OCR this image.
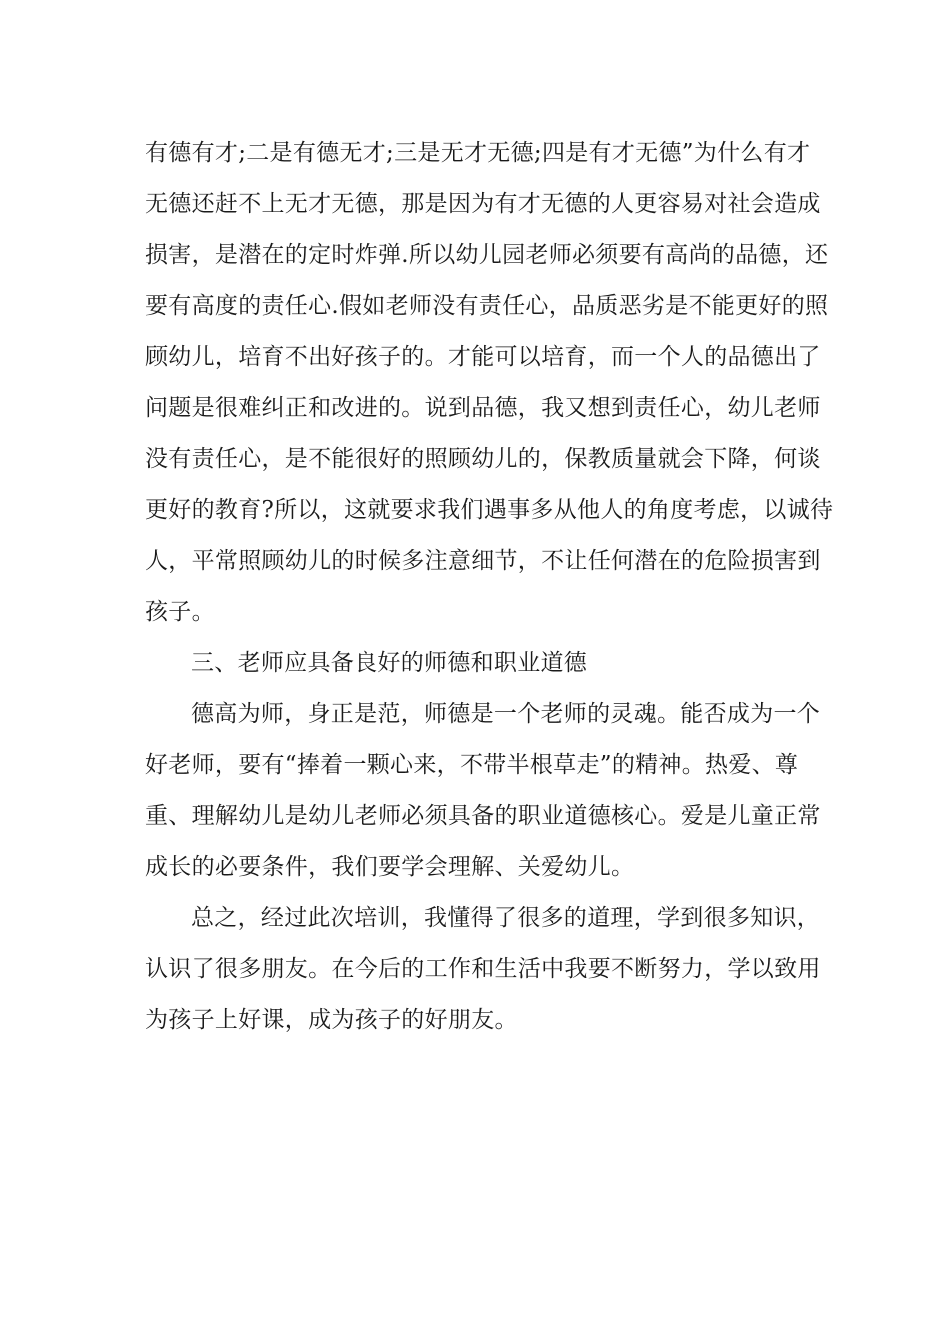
有德有才;二是有德无才;三是无才无德;四是有才无德”为什么有才
无德还赶不上无才无德，那是因为有才无德的人更容易对社会造成
损害，是潜在的定时炸弹.所以幼儿园老师必须要有高尚的品德，还
要有高度的责任心.假如老师没有责任心，品质恶劣是不能更好的照
顾幼儿，培育不出好孩子的。才能可以培育，而一个人的品德出了
问题是很难纠正和改进的。说到品德，我又想到责任心，幼儿老师
没有责任心，是不能很好的照顾幼儿的，保教质量就会下降，何谈
更好的教育?所以，这就要求我们遇事多从他人的角度考虑，以诚待
人，平常照顾幼儿的时候多注意细节，不让任何潜在的危险损害到
孩子。
三、老师应具备良好的师德和职业道德
德高为师，身正是范，师德是一个老师的灵魂。能否成为一个
好老师，要有“捧着一颗心来，不带半根草走”的精神。热爱、尊
重、理解幼儿是幼儿老师必须具备的职业道德核心。爱是儿童正常
成长的必要条件，我们要学会理解、关爱幼儿。
总之，经过此次培训，我懂得了很多的道理，学到很多知识，
认识了很多朋友。在今后的工作和生活中我要不断努力，学以致用
为孩子上好课，成为孩子的好朋友。
